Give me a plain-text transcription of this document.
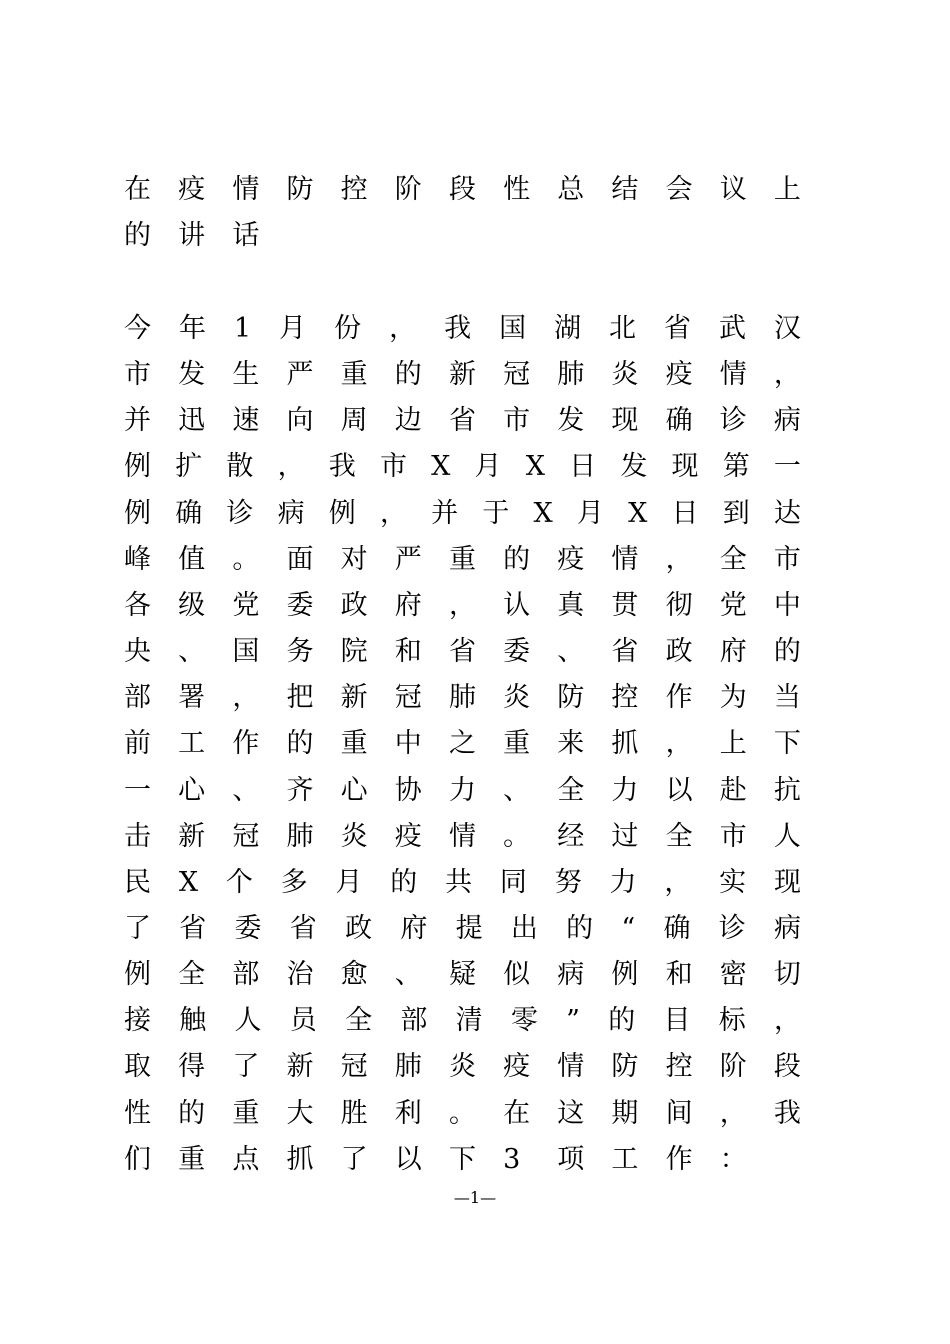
在 疫 情 防 控 阶 段 性 总 结 会 议 上
的	讲	话
今 年 1 月 份 ， 我 国 湖 北 省 武 汉
市 发 生 严 重 的 新 冠 肺 炎 疫 情 ，
并 迅 速 向 周 边 省 市 发 现 确 诊 病
例 扩 散 ， 我 市 X 月 X 日 发 现 第 一
例 确 诊 病 例 ， 并 于 X 月 X 日 到 达
峰 值 。 面 对 严 重 的 疫 情 ， 全 市
各 级 党 委 政 府 ， 认 真 贯 彻 党 中
央 、 国 务 院 和 省 委 、 省 政 府 的
部 署 ， 把 新 冠 肺 炎 防 控 作 为 当
前 工 作 的 重 中 之 重 来 抓 ， 上 下
一 心 、 齐 心 协 力 、 全 力 以 赴 抗
击 新 冠 肺 炎 疫 情 。 经 过 全 市 人
民 X 个 多 月 的 共 同 努 力 ， 实 现
了 省 委 省 政 府 提 出 的 “ 确 诊 病
例 全 部 治 愈 、 疑 似 病 例 和 密 切
接 触 人 员 全 部 清 零 ” 的 目 标 ，
取 得 了 新 冠 肺 炎 疫 情 防 控 阶 段
性 的 重 大 胜 利 。 在 这 期 间 ， 我
们	重	点	抓	了	以	下	3	项	工	作	：
—1—
